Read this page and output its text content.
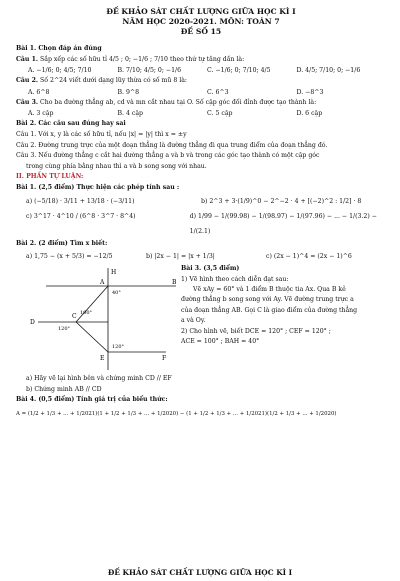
ĐỀ KHẢO SÁT CHẤT LƯỢNG GIỮA HỌC KÌ I
NĂM HỌC 2020-2021. MÔN: TOÁN 7
ĐỀ SỐ 15
Bài 1. Chọn đáp án đúng
Câu 1. Sắp xếp các số hữu tỉ 4/5 ; 0; −1/6 ; 7/10 theo thứ tự tăng dần là:
A. −1/6; 0; 4/5; 7/10	B. 7/10; 4/5; 0; −1/6	C. −1/6; 0; 7/10; 4/5	D. 4/5; 7/10; 0; −1/6
Câu 2. Số 2^24 viết dưới dạng lũy thừa có số mũ 8 là:
A. 6^8	B. 9^8	C. 6^3	D. −8^3
Câu 3. Cho ba đường thẳng ab, cd và mn cắt nhau tại O. Số cặp góc đối đỉnh được tạo thành là:
A. 3 cặp	B. 4 cặp	C. 5 cặp	D. 6 cặp
Bài 2. Các câu sau đúng hay sai
Câu 1. Với x, y là các số hữu tỉ, nếu |x| = |y| thì x = ±y
Câu 2. Đường trung trực của một đoạn thẳng là đường thẳng đi qua trung điểm của đoạn thẳng đó.
Câu 3. Nếu đường thẳng c cắt hai đường thẳng a và b và trong các góc tạo thành có một cặp góc
trong cùng phía bằng nhau thì a và b song song với nhau.
II. PHẦN TỰ LUẬN:
Bài 1. (2,5 điểm) Thực hiện các phép tính sau :
a) (−5/18) · 3/11 + 13/18 · (−3/11)	b) 2^3 + 3·(1/9)^0 − 2^−2 · 4 + [(−2)^2 : 1/2] · 8
c) 3^17 · 4^10 / (6^8 · 3^7 · 8^4)	d) 1/99 − 1/(99.98) − 1/(98.97) − 1/(97.96) − ... − 1/(3.2) − 1/(2.1)
Bài 2. (2 điểm) Tìm x biết:
a) 1,75 − (x + 5/3) = −12/5	b) |2x − 1| = |x + 1/3|	c) (2x − 1)^4 = (2x − 1)^6
H
A	B
D
C
E	F
40°
100°
120°
120°
Bài 3. (3,5 điểm)
1) Vẽ hình theo cách diễn đạt sau:
Vẽ xAy = 60° và 1 điểm B thuộc tia Ax. Qua B kẻ
đường thẳng b song song với Ay. Vẽ đường trung trực a
của đoạn thẳng AB. Gọi C là giao điểm của đường thẳng
a và Oy.
2) Cho hình vẽ, biết DCE = 120° ; CEF = 120° ;
ACE = 100° ; BAH = 40°
a) Hãy vẽ lại hình bên và chứng minh CD // EF
b) Chứng minh AB // CD
Bài 4. (0,5 điểm) Tính giá trị của biểu thức:
A = (1/2 + 1/3 + ... + 1/2021)(1 + 1/2 + 1/3 + ... + 1/2020) − (1 + 1/2 + 1/3 + ... + 1/2021)(1/2 + 1/3 + ... + 1/2020)
ĐỀ KHẢO SÁT CHẤT LƯỢNG GIỮA HỌC KÌ I
